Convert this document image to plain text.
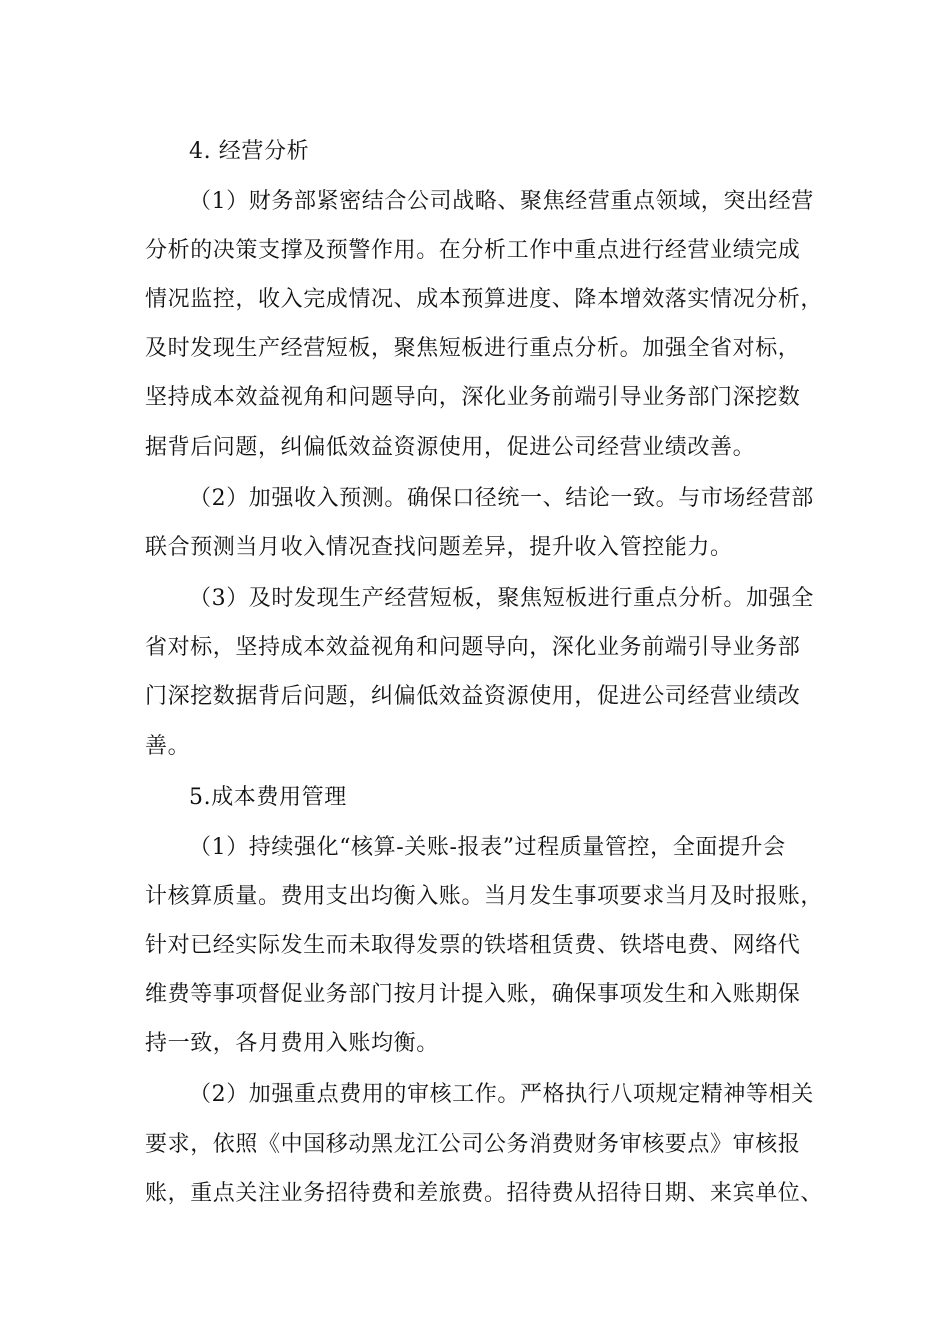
4. 经营分析
（1）财务部紧密结合公司战略、聚焦经营重点领域，突出经营
分析的决策支撑及预警作用。在分析工作中重点进行经营业绩完成
情况监控，收入完成情况、成本预算进度、降本增效落实情况分析，
及时发现生产经营短板，聚焦短板进行重点分析。加强全省对标，
坚持成本效益视角和问题导向，深化业务前端引导业务部门深挖数
据背后问题，纠偏低效益资源使用，促进公司经营业绩改善。
（2）加强收入预测。确保口径统一、结论一致。与市场经营部
联合预测当月收入情况查找问题差异，提升收入管控能力。
（3）及时发现生产经营短板，聚焦短板进行重点分析。加强全
省对标，坚持成本效益视角和问题导向，深化业务前端引导业务部
门深挖数据背后问题，纠偏低效益资源使用，促进公司经营业绩改
善。
5.成本费用管理
（1）持续强化“核算-关账-报表”过程质量管控，全面提升会
计核算质量。费用支出均衡入账。当月发生事项要求当月及时报账，
针对已经实际发生而未取得发票的铁塔租赁费、铁塔电费、网络代
维费等事项督促业务部门按月计提入账，确保事项发生和入账期保
持一致，各月费用入账均衡。
（2）加强重点费用的审核工作。严格执行八项规定精神等相关
要求，依照《中国移动黑龙江公司公务消费财务审核要点》审核报
账，重点关注业务招待费和差旅费。招待费从招待日期、来宾单位、
